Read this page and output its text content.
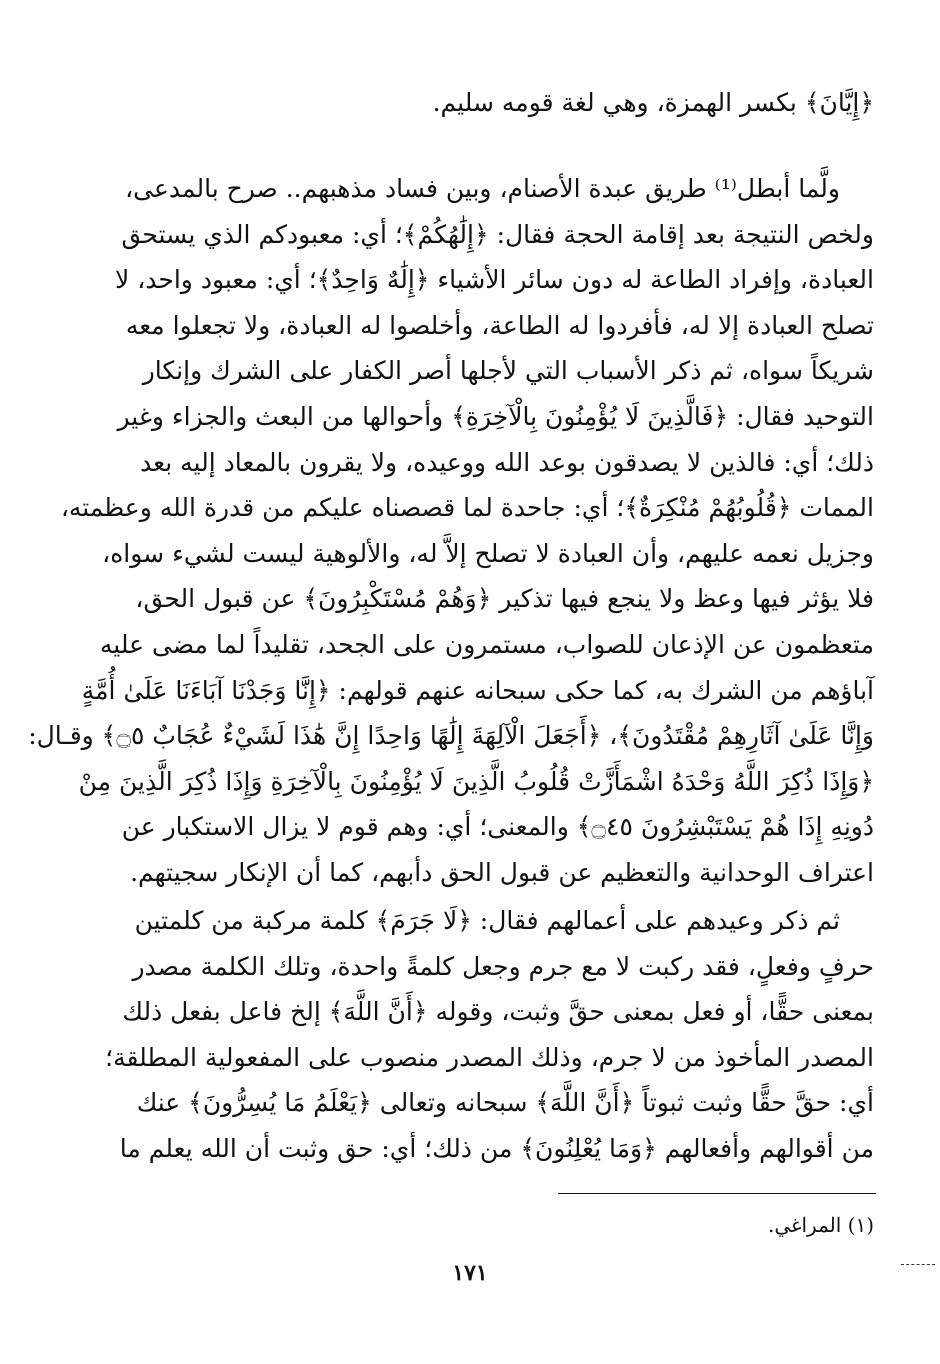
﴿إِيَّانَ﴾ بكسر الهمزة، وهي لغة قومه سليم.
ولَّما أبطل⁽¹⁾ طريق عبدة الأصنام، وبين فساد مذهبهم.. صرح بالمدعى،
ولخص النتيجة بعد إقامة الحجة فقال: ﴿إِلَٰهُكُمْ﴾؛ أي: معبودكم الذي يستحق
العبادة، وإفراد الطاعة له دون سائر الأشياء ﴿إِلَٰهٌ وَاحِدٌ﴾؛ أي: معبود واحد، لا
تصلح العبادة إلا له، فأفردوا له الطاعة، وأخلصوا له العبادة، ولا تجعلوا معه
شريكاً سواه، ثم ذكر الأسباب التي لأجلها أصر الكفار على الشرك وإنكار
التوحيد فقال: ﴿فَالَّذِينَ لَا يُؤْمِنُونَ بِالْآخِرَةِ﴾ وأحوالها من البعث والجزاء وغير
ذلك؛ أي: فالذين لا يصدقون بوعد الله ووعيده، ولا يقرون بالمعاد إليه بعد
الممات ﴿قُلُوبُهُمْ مُنْكِرَةٌ﴾؛ أي: جاحدة لما قصصناه عليكم من قدرة الله وعظمته،
وجزيل نعمه عليهم، وأن العبادة لا تصلح إلاَّ له، والألوهية ليست لشيء سواه،
فلا يؤثر فيها وعظ ولا ينجع فيها تذكير ﴿وَهُمْ مُسْتَكْبِرُونَ﴾ عن قبول الحق،
متعظمون عن الإذعان للصواب، مستمرون على الجحد، تقليداً لما مضى عليه
آباؤهم من الشرك به، كما حكى سبحانه عنهم قولهم: ﴿إِنَّا وَجَدْنَا آبَاءَنَا عَلَىٰ أُمَّةٍ
وَإِنَّا عَلَىٰ آثَارِهِمْ مُقْتَدُونَ﴾، ﴿أَجَعَلَ الْآلِهَةَ إِلَٰهًا وَاحِدًا إِنَّ هَٰذَا لَشَيْءٌ عُجَابٌ ۝٥﴾ وقـال:
﴿وَإِذَا ذُكِرَ اللَّهُ وَحْدَهُ اشْمَأَزَّتْ قُلُوبُ الَّذِينَ لَا يُؤْمِنُونَ بِالْآخِرَةِ وَإِذَا ذُكِرَ الَّذِينَ مِنْ
دُونِهِ إِذَا هُمْ يَسْتَبْشِرُونَ ۝٤٥﴾ والمعنى؛ أي: وهم قوم لا يزال الاستكبار عن
اعتراف الوحدانية والتعظيم عن قبول الحق دأبهم، كما أن الإنكار سجيتهم.
ثم ذكر وعيدهم على أعمالهم فقال: ﴿لَا جَرَمَ﴾ كلمة مركبة من كلمتين
حرفٍ وفعلٍ، فقد ركبت لا مع جرم وجعل كلمةً واحدة، وتلك الكلمة مصدر
بمعنى حقًّا، أو فعل بمعنى حقَّ وثبت، وقوله ﴿أَنَّ اللَّهَ﴾ إلخ فاعل بفعل ذلك
المصدر المأخوذ من لا جرم، وذلك المصدر منصوب على المفعولية المطلقة؛
أي: حقَّ حقًّا وثبت ثبوتاً ﴿أَنَّ اللَّهَ﴾ سبحانه وتعالى ﴿يَعْلَمُ مَا يُسِرُّونَ﴾ عنك
من أقوالهم وأفعالهم ﴿وَمَا يُعْلِنُونَ﴾ من ذلك؛ أي: حق وثبت أن الله يعلم ما
(١) المراغي.
١٧١
